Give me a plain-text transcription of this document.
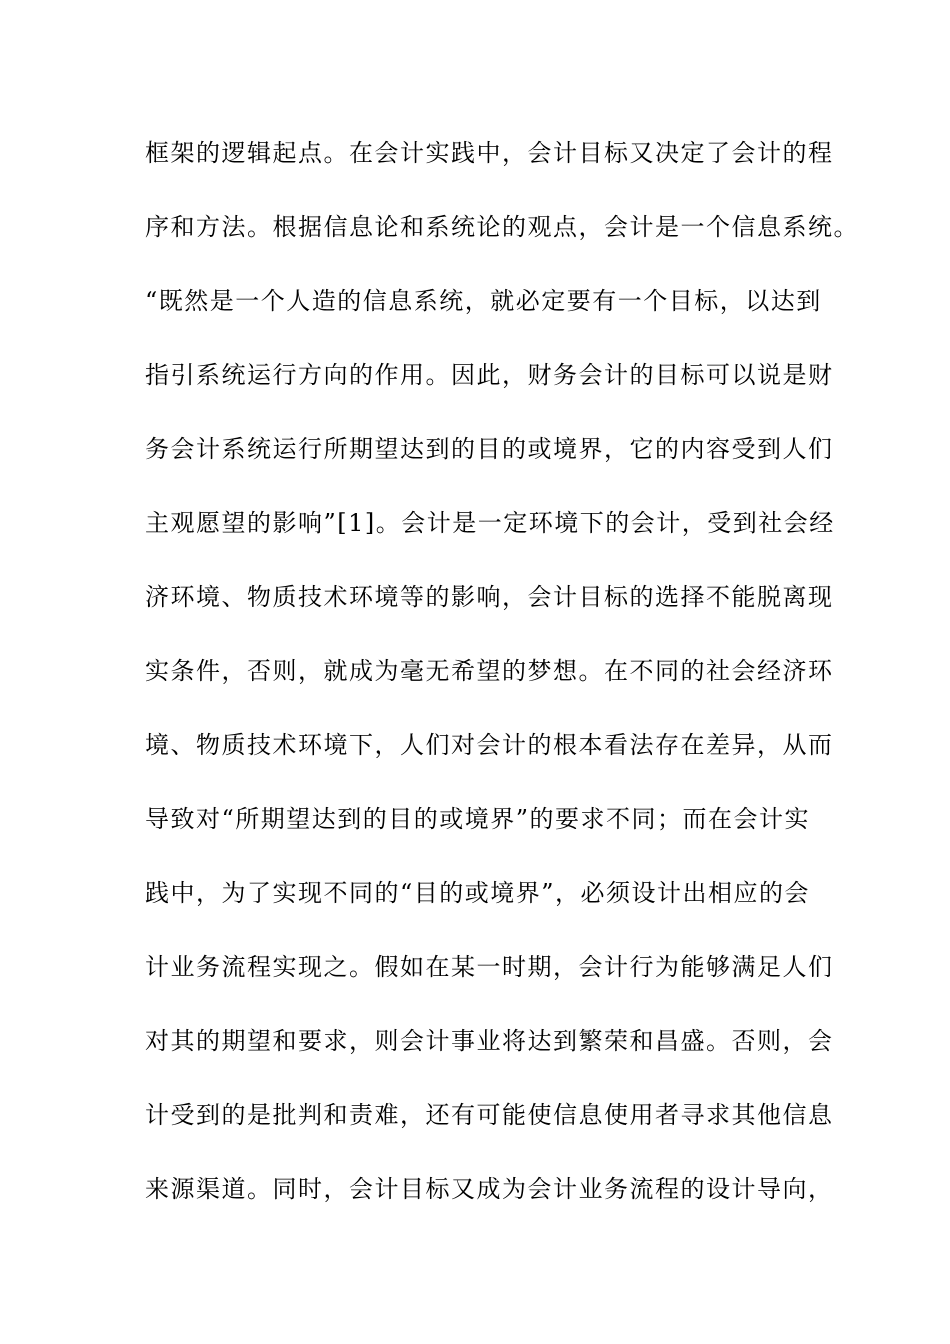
框架的逻辑起点。在会计实践中，会计目标又决定了会计的程
序和方法。根据信息论和系统论的观点，会计是一个信息系统。
“既然是一个人造的信息系统，就必定要有一个目标，以达到
指引系统运行方向的作用。因此，财务会计的目标可以说是财
务会计系统运行所期望达到的目的或境界，它的内容受到人们
主观愿望的影响”[1]。会计是一定环境下的会计，受到社会经
济环境、物质技术环境等的影响，会计目标的选择不能脱离现
实条件，否则，就成为毫无希望的梦想。在不同的社会经济环
境、物质技术环境下，人们对会计的根本看法存在差异，从而
导致对“所期望达到的目的或境界”的要求不同；而在会计实
践中，为了实现不同的“目的或境界”，必须设计出相应的会
计业务流程实现之。假如在某一时期，会计行为能够满足人们
对其的期望和要求，则会计事业将达到繁荣和昌盛。否则，会
计受到的是批判和责难，还有可能使信息使用者寻求其他信息
来源渠道。同时，会计目标又成为会计业务流程的设计导向，
